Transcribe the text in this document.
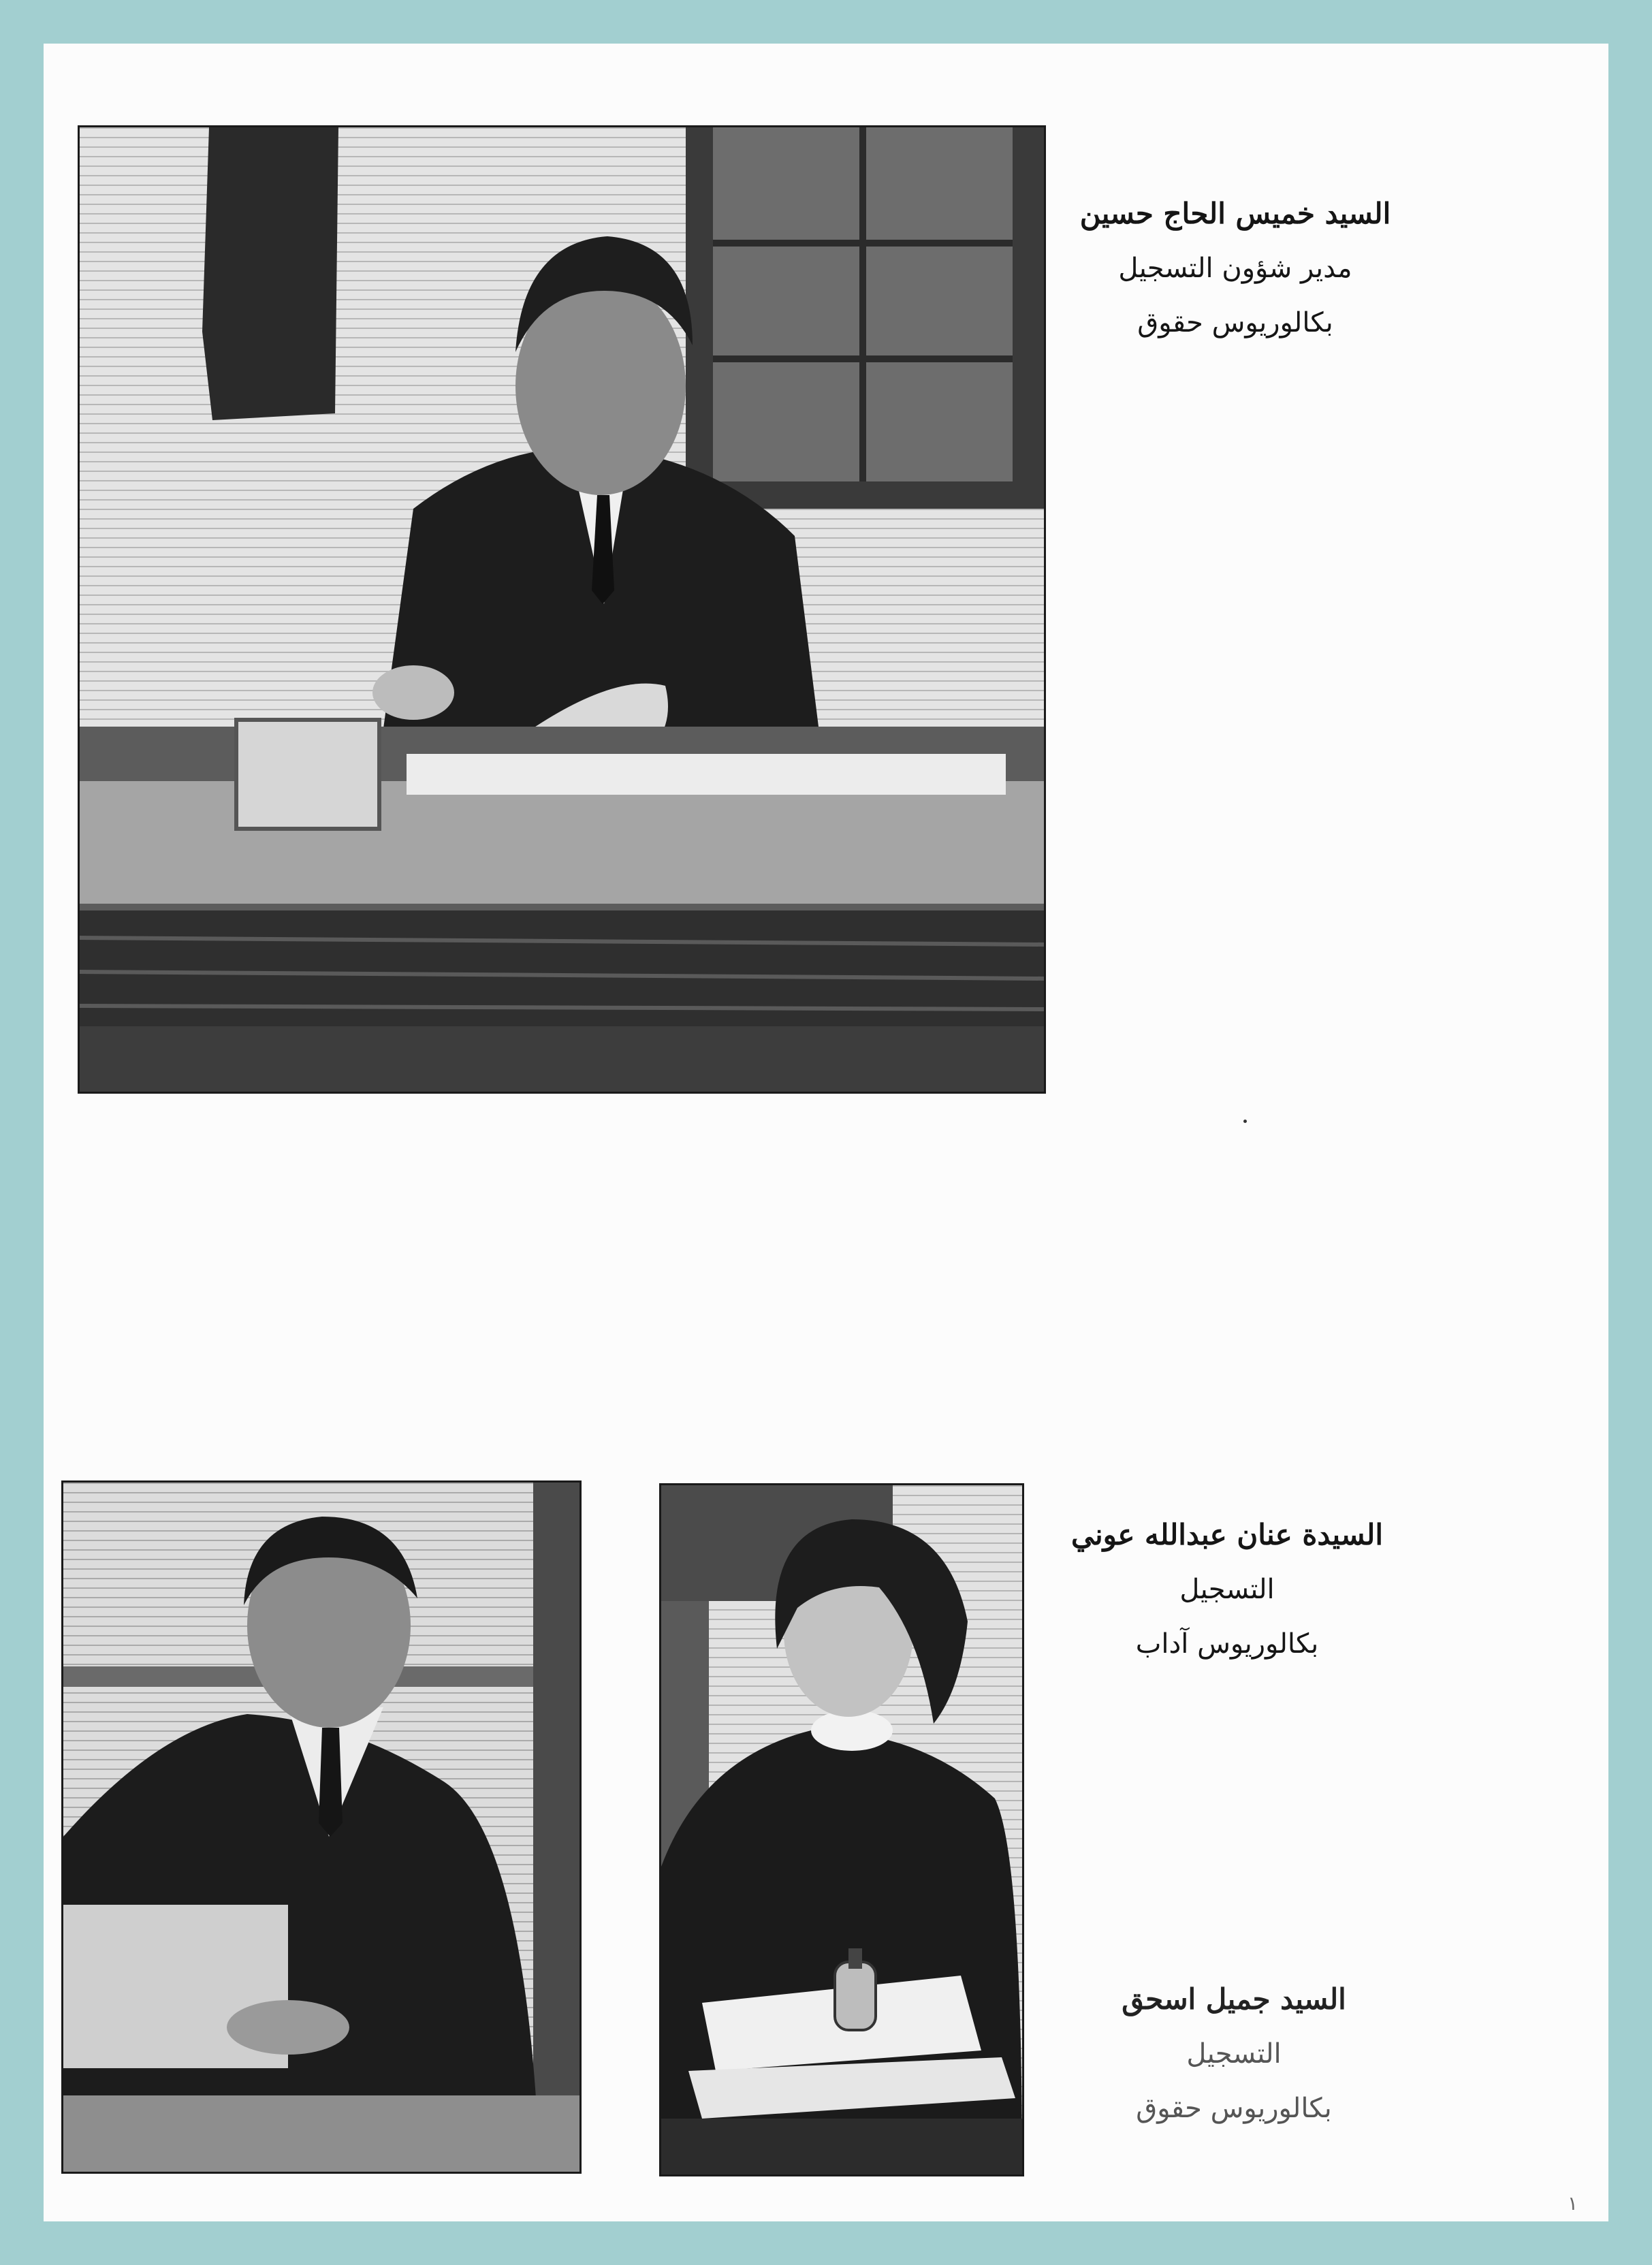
السيد خميس الحاج حسين
مدير شؤون التسجيل
بكالوريوس حقوق
السيدة عنان عبدالله عوني
التسجيل
بكالوريوس آداب
السيد جميل اسحق
التسجيل
بكالوريوس حقوق
١
